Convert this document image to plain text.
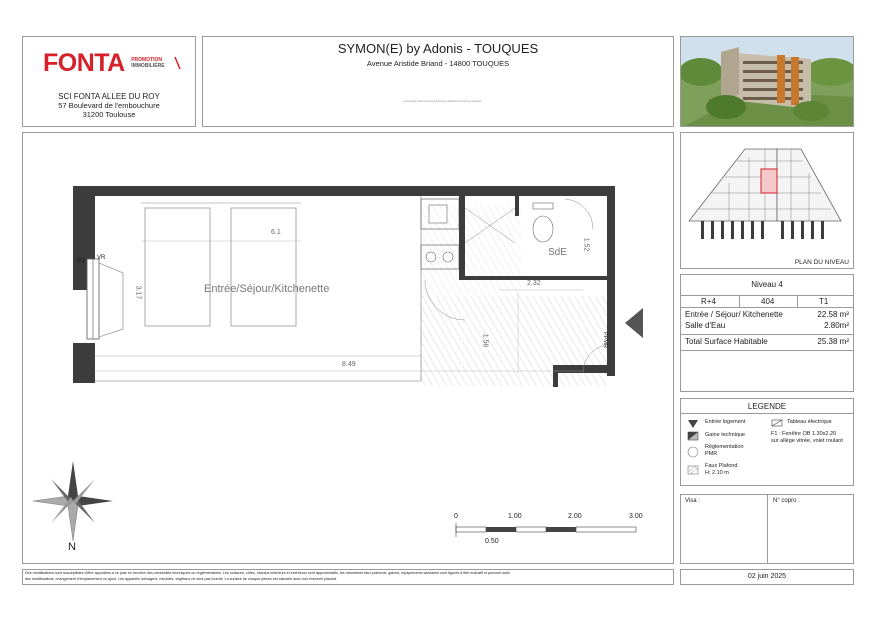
FONTA PROMOTION
IMMOBILIÈRE
SCI FONTA ALLEE DU ROY
57 Boulevard de l'embouchure
31200 Toulouse
SYMON(E) by Adonis - TOUQUES
Avenue Aristide Briand - 14800 TOUQUES
Lorem ipsum dolor sit amet consectetur adipiscing elit sed do eiusmod
Entrée/Séjour/Kitchenette
SdE
6.1
3.17
8.49
2.32
1.52
1.56
F1 VR
PPMR
N
0	1.00	2.00	3.00
0.50
PLAN DU NIVEAU
Niveau 4
R+4	404	T1
Entrée / Séjour/ Kitchenette	22.58 m²
Salle d'Eau	2.80m²
Total Surface Habitable	25.38 m²
LEGENDE
Entrée logement
Gaine technique
Règlementation
PMR
Faux Plafond
H: 2.10 m
Tableau électrique
F1 : Fenêtre OB 1.30x2.20
sur allège vitrée, volet roulant
Visa :	N° copro :
Des modifications sont susceptibles d'être apportées à ce plan en fonction des nécessités techniques ou réglementaires. Les surfaces, côtes, niveaux intérieurs et extérieurs sont approximatifs, les retombées faux-plafonds, gaines, équipements sanitaires sont figurés à titre indicatif et peuvent subir
des modifications, changement d'emplacement ou ajout. Les appareils ménagers, meubles, végétaux ne sont pas fournis. La surface de chaque pièces est calculée avec son éventuel placard.	02 juin 2025
